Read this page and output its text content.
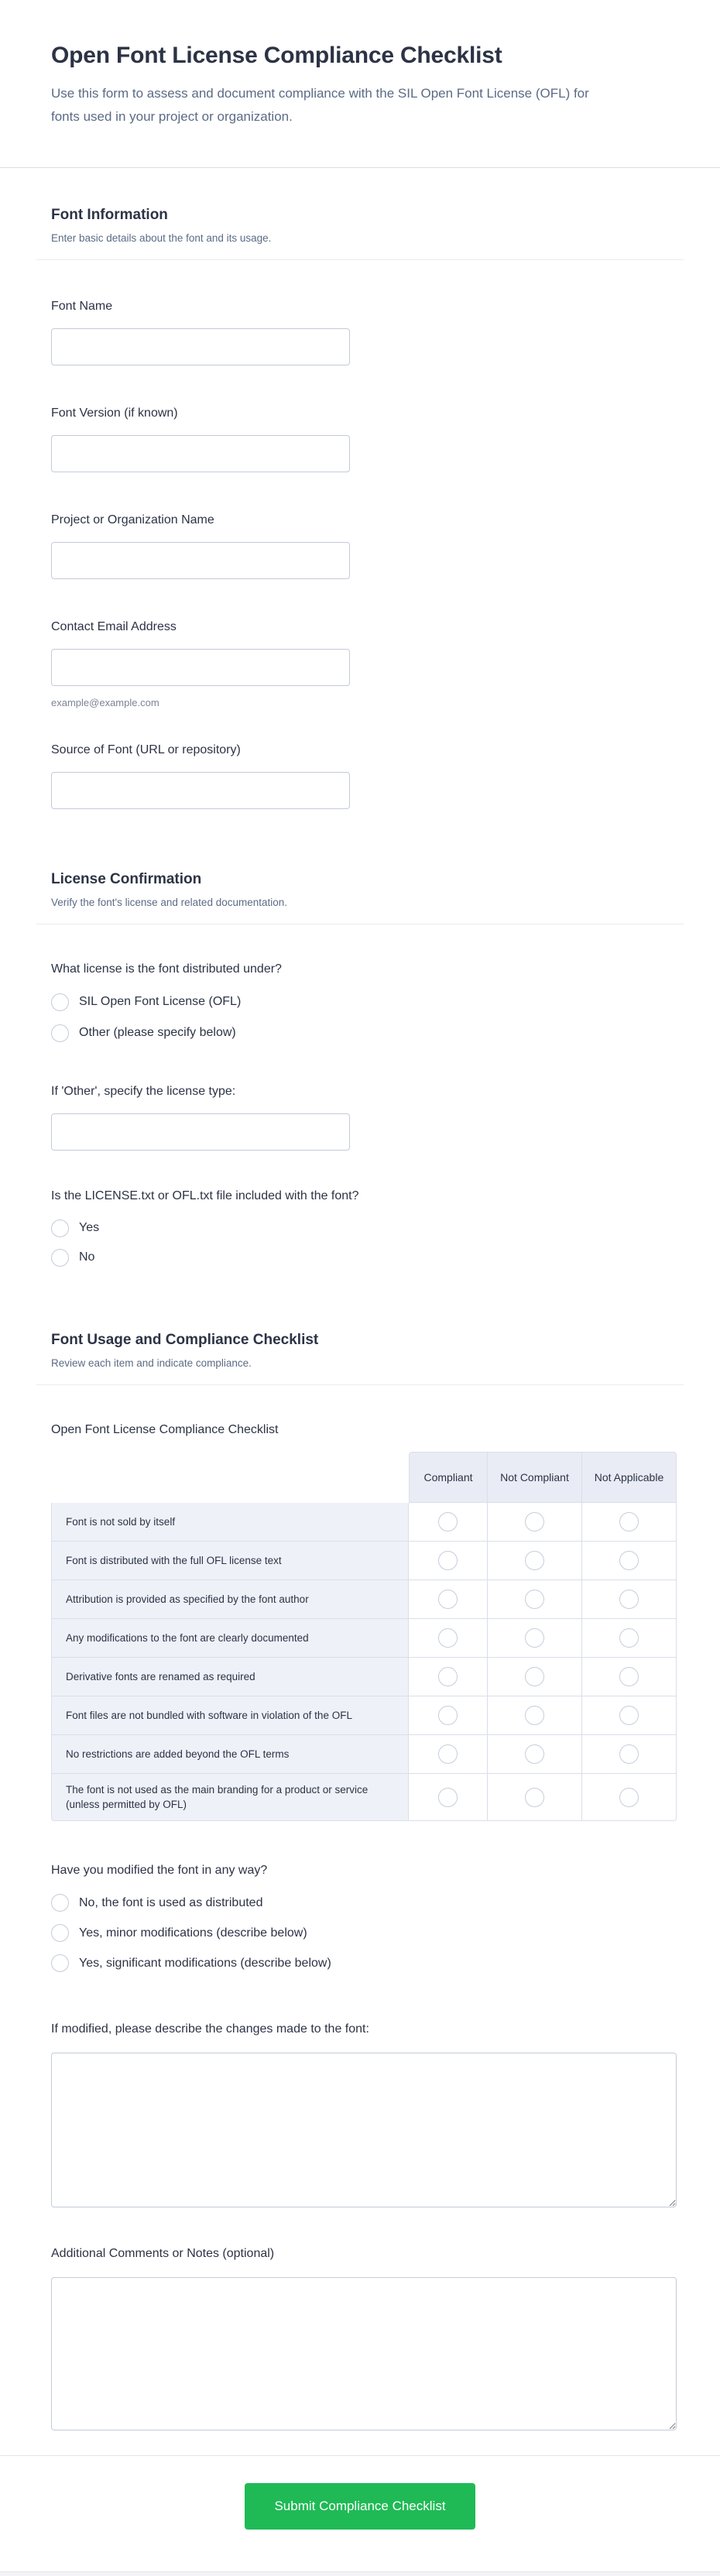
Open Font License Compliance Checklist

Use this form to assess and document compliance with the SIL Open Font License (OFL) for fonts used in your project or organization.

Font Information
Enter basic details about the font and its usage.
Font Name
Font Version (if known)
Project or Organization Name
Contact Email Address
example@example.com
Source of Font (URL or repository)
License Confirmation
Verify the font's license and related documentation.
What license is the font distributed under?
SIL Open Font License (OFL)
Other (please specify below)
If 'Other', specify the license type:
Is the LICENSE.txt or OFL.txt file included with the font?
Yes
No
Font Usage and Compliance Checklist
Review each item and indicate compliance.
Open Font License Compliance Checklist
Compliant	Not Compliant	Not Applicable
Font is not sold by itself
Font is distributed with the full OFL license text
Attribution is provided as specified by the font author
Any modifications to the font are clearly documented
Derivative fonts are renamed as required
Font files are not bundled with software in violation of the OFL
No restrictions are added beyond the OFL terms
The font is not used as the main branding for a product or service (unless permitted by OFL)
Have you modified the font in any way?
No, the font is used as distributed
Yes, minor modifications (describe below)
Yes, significant modifications (describe below)
If modified, please describe the changes made to the font:
Additional Comments or Notes (optional)
Submit Compliance Checklist
